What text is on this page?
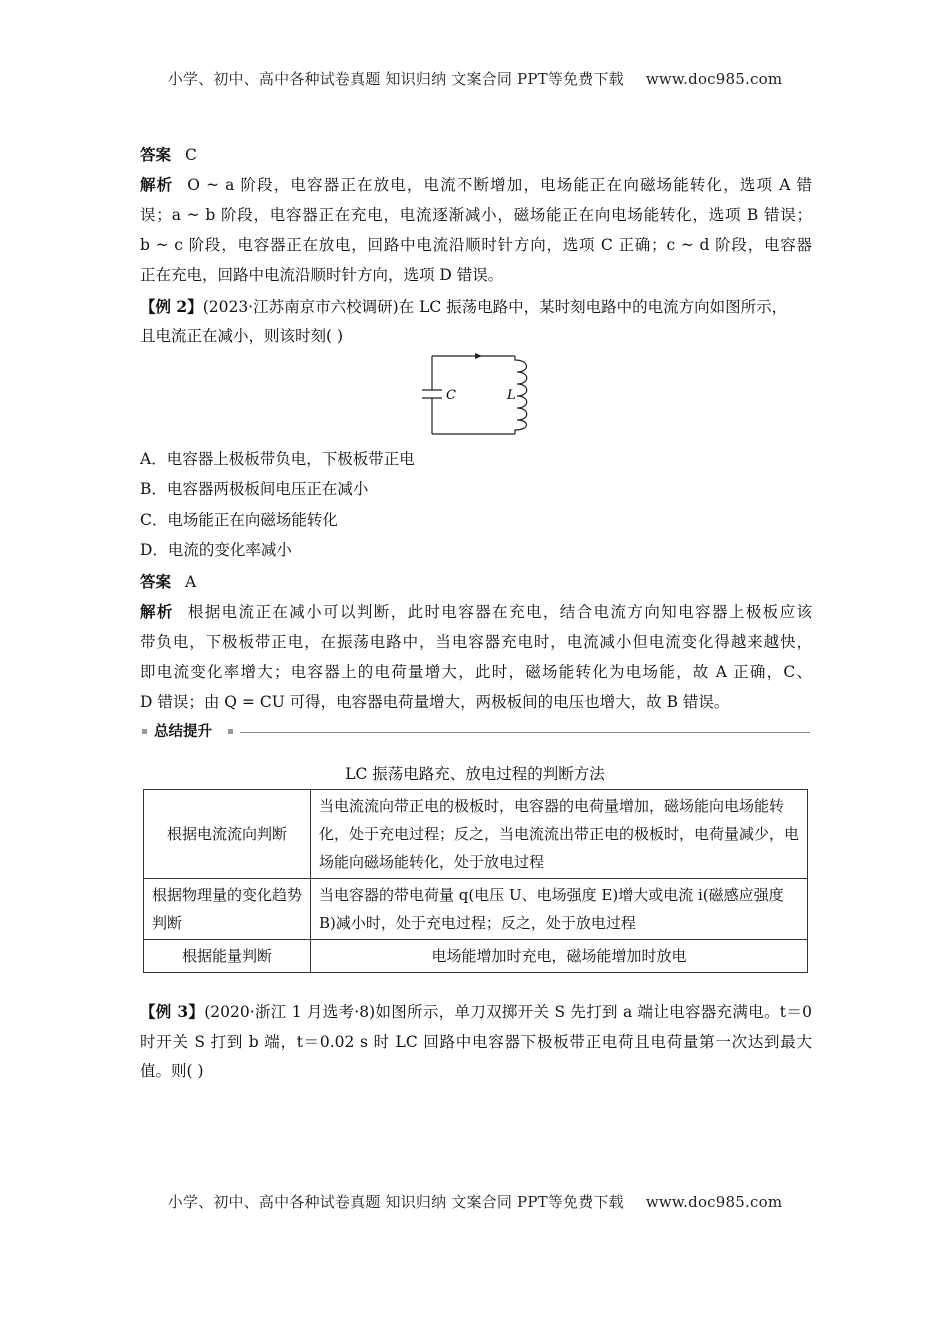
小学、初中、高中各种试卷真题 知识归纳 文案合同 PPT等免费下载 www.doc985.com
答案 C
解析 O ~ a 阶段，电容器正在放电，电流不断增加，电场能正在向磁场能转化，选项 A 错
误；a ~ b 阶段，电容器正在充电，电流逐渐减小，磁场能正在向电场能转化，选项 B 错误；
b ~ c 阶段，电容器正在放电，回路中电流沿顺时针方向，选项 C 正确；c ~ d 阶段，电容器
正在充电，回路中电流沿顺时针方向，选项 D 错误。
【例 2】(2023·江苏南京市六校调研)在 LC 振荡电路中，某时刻电路中的电流方向如图所示，
且电流正在减小，则该时刻( )
C	L
A．电容器上极板带负电，下极板带正电
B．电容器两极板间电压正在减小
C．电场能正在向磁场能转化
D．电流的变化率减小
答案 A
解析 根据电流正在减小可以判断，此时电容器在充电，结合电流方向知电容器上极板应该
带负电，下极板带正电，在振荡电路中，当电容器充电时，电流减小但电流变化得越来越快，
即电流变化率增大；电容器上的电荷量增大，此时，磁场能转化为电场能，故 A 正确，C、
D 错误；由 Q = CU 可得，电容器电荷量增大，两极板间的电压也增大，故 B 错误。
总结提升
LC 振荡电路充、放电过程的判断方法
根据电流流向判断	当电流流向带正电的极板时，电容器的电荷量增加，磁场能向电场能转化，处于充电过程；反之，当电流流出带正电的极板时，电荷量减少，电场能向磁场能转化，处于放电过程
根据物理量的变化趋势判断	当电容器的带电荷量 q(电压 U、电场强度 E)增大或电流 i(磁感应强度 B)减小时，处于充电过程；反之，处于放电过程
根据能量判断	电场能增加时充电，磁场能增加时放电
【例 3】(2020·浙江 1 月选考·8)如图所示，单刀双掷开关 S 先打到 a 端让电容器充满电。t＝0
时开关 S 打到 b 端，t＝0.02 s 时 LC 回路中电容器下极板带正电荷且电荷量第一次达到最大
值。则( )
小学、初中、高中各种试卷真题 知识归纳 文案合同 PPT等免费下载 www.doc985.com
